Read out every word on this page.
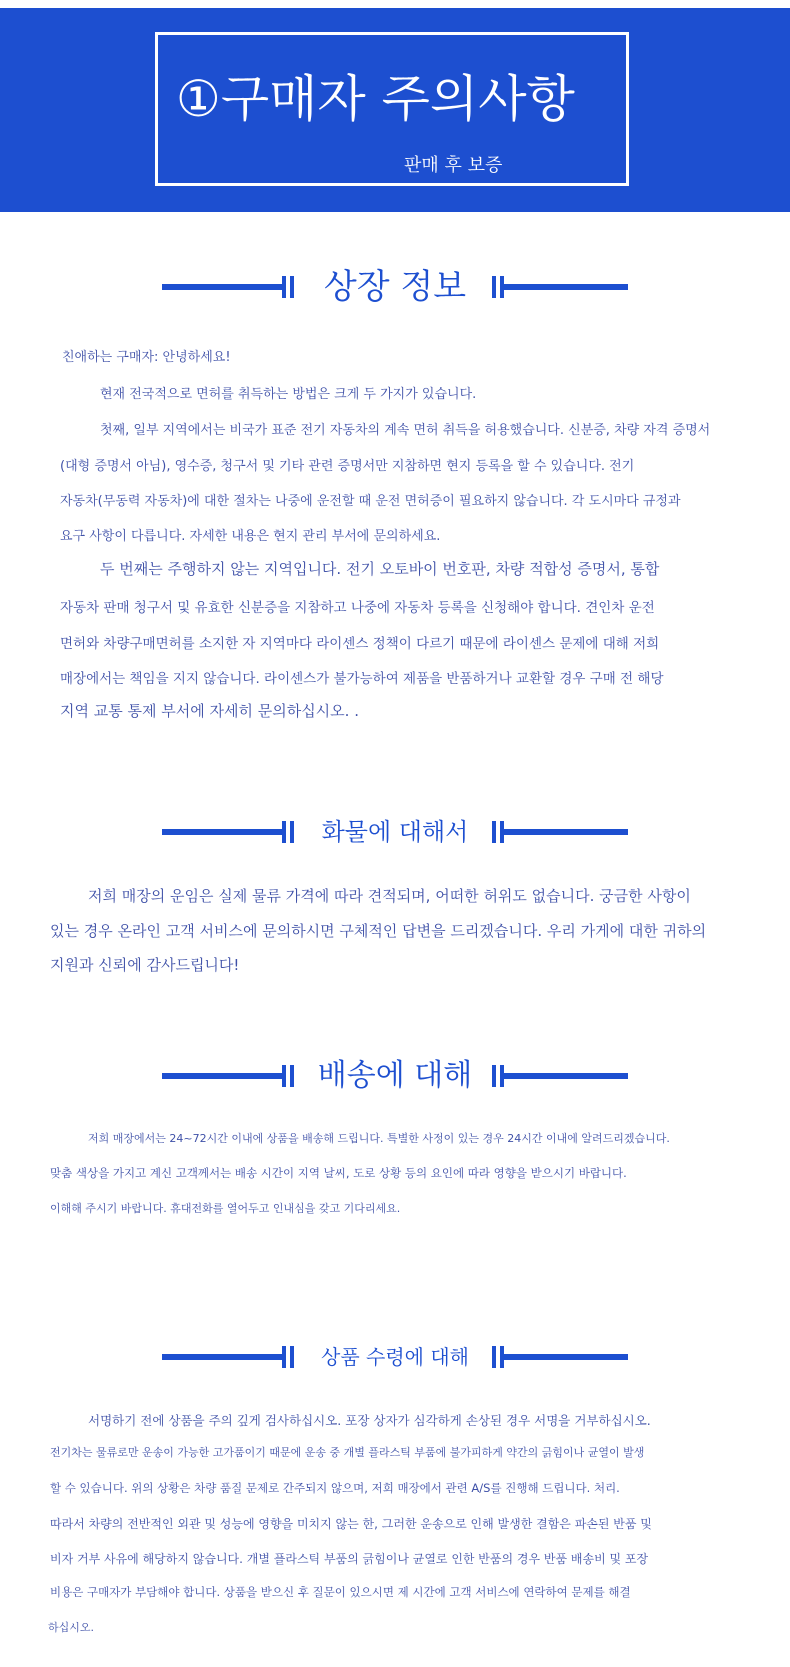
①구매자 주의사항
판매 후 보증
상장 정보
친애하는 구매자: 안녕하세요!
현재 전국적으로 면허를 취득하는 방법은 크게 두 가지가 있습니다.
첫째, 일부 지역에서는 비국가 표준 전기 자동차의 계속 면허 취득을 허용했습니다. 신분증, 차량 자격 증명서
(대형 증명서 아님), 영수증, 청구서 및 기타 관련 증명서만 지참하면 현지 등록을 할 수 있습니다. 전기
자동차(무동력 자동차)에 대한 절차는 나중에 운전할 때 운전 면허증이 필요하지 않습니다. 각 도시마다 규정과
요구 사항이 다릅니다. 자세한 내용은 현지 관리 부서에 문의하세요.
두 번째는 주행하지 않는 지역입니다. 전기 오토바이 번호판, 차량 적합성 증명서, 통합
자동차 판매 청구서 및 유효한 신분증을 지참하고 나중에 자동차 등록을 신청해야 합니다. 견인차 운전
면허와 차량구매면허를 소지한 자 지역마다 라이센스 정책이 다르기 때문에 라이센스 문제에 대해 저희
매장에서는 책임을 지지 않습니다. 라이센스가 불가능하여 제품을 반품하거나 교환할 경우 구매 전 해당
지역 교통 통제 부서에 자세히 문의하십시오. .
화물에 대해서
저희 매장의 운임은 실제 물류 가격에 따라 견적되며, 어떠한 허위도 없습니다. 궁금한 사항이
있는 경우 온라인 고객 서비스에 문의하시면 구체적인 답변을 드리겠습니다. 우리 가게에 대한 귀하의
지원과 신뢰에 감사드립니다!
배송에 대해
저희 매장에서는 24~72시간 이내에 상품을 배송해 드립니다. 특별한 사정이 있는 경우 24시간 이내에 알려드리겠습니다.
맞춤 색상을 가지고 계신 고객께서는 배송 시간이 지역 날씨, 도로 상황 등의 요인에 따라 영향을 받으시기 바랍니다.
이해해 주시기 바랍니다. 휴대전화를 열어두고 인내심을 갖고 기다리세요.
상품 수령에 대해
서명하기 전에 상품을 주의 깊게 검사하십시오. 포장 상자가 심각하게 손상된 경우 서명을 거부하십시오.
전기차는 물류로만 운송이 가능한 고가품이기 때문에 운송 중 개별 플라스틱 부품에 불가피하게 약간의 긁힘이나 균열이 발생
할 수 있습니다. 위의 상황은 차량 품질 문제로 간주되지 않으며, 저희 매장에서 관련 A/S를 진행해 드립니다. 처리.
따라서 차량의 전반적인 외관 및 성능에 영향을 미치지 않는 한, 그러한 운송으로 인해 발생한 결함은 파손된 반품 및
비자 거부 사유에 해당하지 않습니다. 개별 플라스틱 부품의 긁힘이나 균열로 인한 반품의 경우 반품 배송비 및 포장
비용은 구매자가 부담해야 합니다. 상품을 받으신 후 질문이 있으시면 제 시간에 고객 서비스에 연락하여 문제를 해결
하십시오.
